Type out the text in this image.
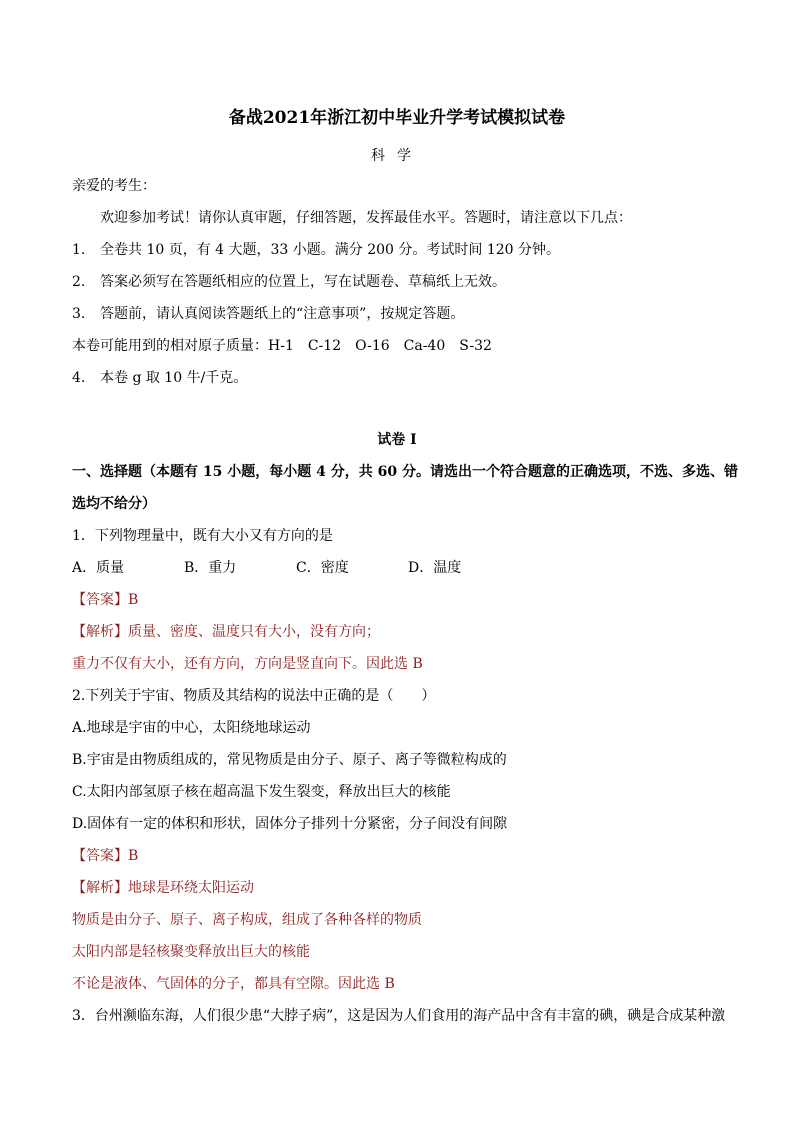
备战2021年浙江初中毕业升学考试模拟试卷
科学
亲爱的考生：
欢迎参加考试！请你认真审题，仔细答题，发挥最佳水平。答题时，请注意以下几点：
1. 全卷共 10 页，有 4 大题，33 小题。满分 200 分。考试时间 120 分钟。
2. 答案必须写在答题纸相应的位置上，写在试题卷、草稿纸上无效。
3. 答题前，请认真阅读答题纸上的“注意事项”，按规定答题。
本卷可能用到的相对原子质量：H-1　C-12　O-16　Ca-40　S-32
4. 本卷 g 取 10 牛/千克。
试卷 I
一、选择题（本题有 15 小题，每小题 4 分，共 60 分。请选出一个符合题意的正确选项，不选、多选、错
选均不给分）
1．下列物理量中，既有大小又有方向的是
A．质量	B．重力	C．密度	D．温度
【答案】B
【解析】质量、密度、温度只有大小，没有方向；
重力不仅有大小，还有方向，方向是竖直向下。因此选 B
2.下列关于宇宙、物质及其结构的说法中正确的是（　　）
A.地球是宇宙的中心，太阳绕地球运动
B.宇宙是由物质组成的，常见物质是由分子、原子、离子等微粒构成的
C.太阳内部氢原子核在超高温下发生裂变，释放出巨大的核能
D.固体有一定的体积和形状，固体分子排列十分紧密，分子间没有间隙
【答案】B
【解析】地球是环绕太阳运动
物质是由分子、原子、离子构成，组成了各种各样的物质
太阳内部是轻核聚变释放出巨大的核能
不论是液体、气固体的分子，都具有空隙。因此选 B
3．台州濒临东海，人们很少患“大脖子病”，这是因为人们食用的海产品中含有丰富的碘，碘是合成某种激
